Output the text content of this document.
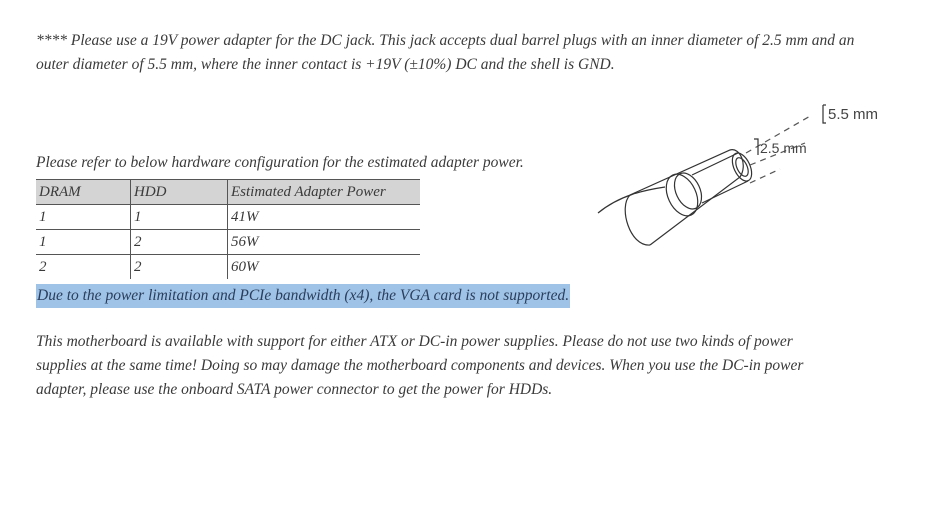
**** Please use a 19V power adapter for the DC jack. This jack accepts dual barrel plugs with an inner diameter of 2.5 mm and an outer diameter of 5.5 mm, where the inner contact is +19V (±10%) DC and the shell is GND.

Please refer to below hardware configuration for the estimated adapter power.

DRAM	HDD	Estimated Adapter Power
1	1	41W
1	2	56W
2	2	60W
Due to the power limitation and PCIe bandwidth (x4), the VGA card is not supported.
5.5 mm
2.5 mm

This motherboard is available with support for either ATX or DC-in power supplies. Please do not use two kinds of power supplies at the same time! Doing so may damage the motherboard components and devices. When you use the DC-in power adapter, please use the onboard SATA power connector to get the power for HDDs.
